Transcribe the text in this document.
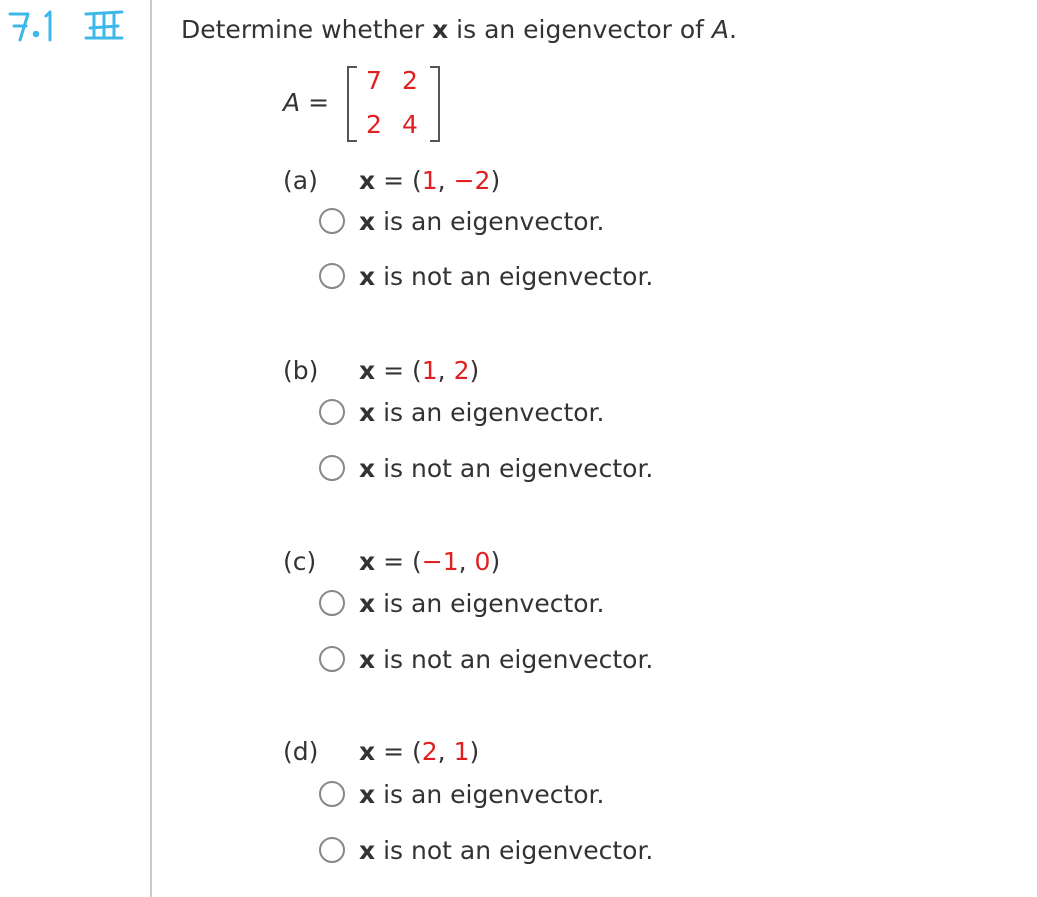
Determine whether x is an eigenvector of A.
A =
7 2
2 4
(a) x = (1, −2)
x is an eigenvector.
x is not an eigenvector.
(b) x = (1, 2)
x is an eigenvector.
x is not an eigenvector.
(c) x = (−1, 0)
x is an eigenvector.
x is not an eigenvector.
(d) x = (2, 1)
x is an eigenvector.
x is not an eigenvector.
